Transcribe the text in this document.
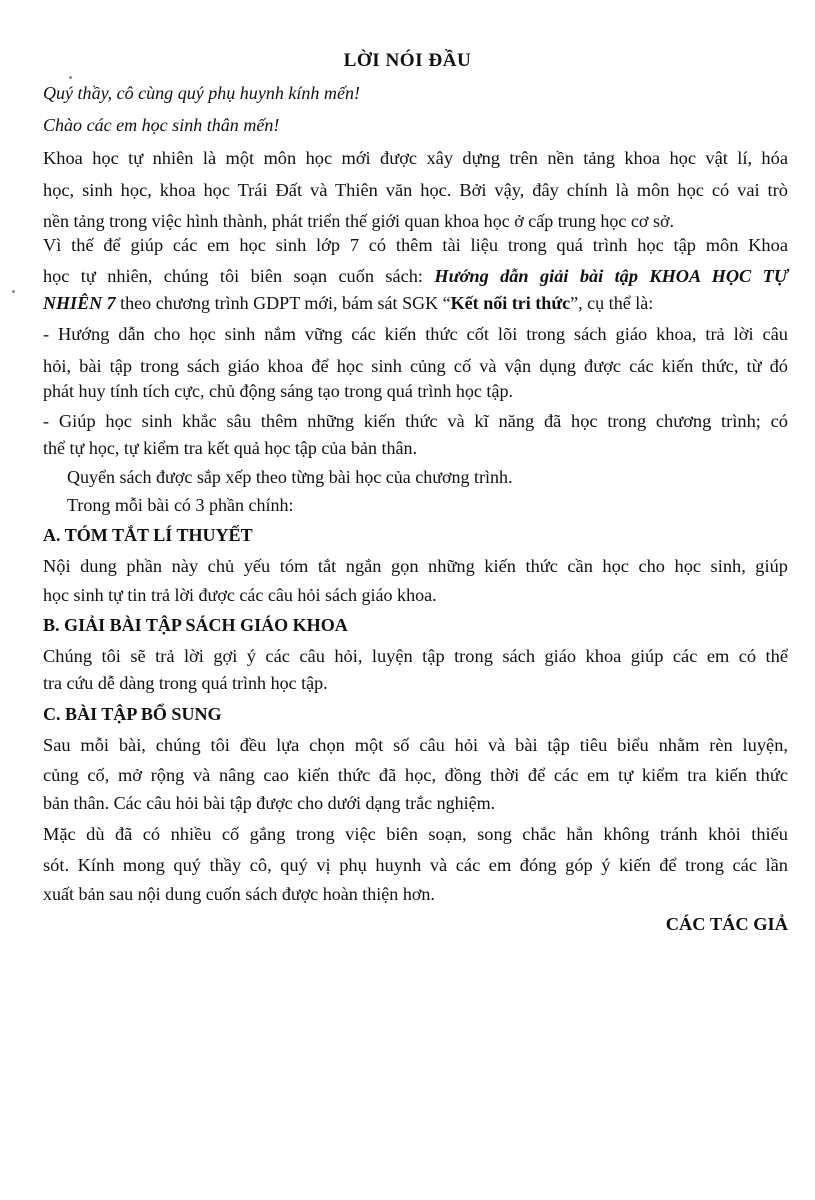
LỜI NÓI ĐẦU

Quý thầy, cô cùng quý phụ huynh kính mến!

Chào các em học sinh thân mến!

Khoa học tự nhiên là một môn học mới được xây dựng trên nền tảng khoa học vật lí, hóa

học, sinh học, khoa học Trái Đất và Thiên văn học. Bởi vậy, đây chính là môn học có vai trò

nền tảng trong việc hình thành, phát triển thế giới quan khoa học ở cấp trung học cơ sở.

Vì thế để giúp các em học sinh lớp 7 có thêm tài liệu trong quá trình học tập môn Khoa

học tự nhiên, chúng tôi biên soạn cuốn sách: Hướng dẫn giải bài tập KHOA HỌC TỰ

NHIÊN 7 theo chương trình GDPT mới, bám sát SGK “Kết nối tri thức”, cụ thể là:

- Hướng dẫn cho học sinh nắm vững các kiến thức cốt lõi trong sách giáo khoa, trả lời câu

hỏi, bài tập trong sách giáo khoa để học sinh củng cố và vận dụng được các kiến thức, từ đó

phát huy tính tích cực, chủ động sáng tạo trong quá trình học tập.

- Giúp học sinh khắc sâu thêm những kiến thức và kĩ năng đã học trong chương trình; có

thể tự học, tự kiểm tra kết quả học tập của bản thân.

Quyển sách được sắp xếp theo từng bài học của chương trình.

Trong mỗi bài có 3 phần chính:

A. TÓM TẮT LÍ THUYẾT

Nội dung phần này chủ yếu tóm tắt ngắn gọn những kiến thức cần học cho học sinh, giúp

học sinh tự tin trả lời được các câu hỏi sách giáo khoa.

B. GIẢI BÀI TẬP SÁCH GIÁO KHOA

Chúng tôi sẽ trả lời gợi ý các câu hỏi, luyện tập trong sách giáo khoa giúp các em có thể

tra cứu dễ dàng trong quá trình học tập.

C. BÀI TẬP BỔ SUNG

Sau mỗi bài, chúng tôi đều lựa chọn một số câu hỏi và bài tập tiêu biểu nhằm rèn luyện,

củng cố, mở rộng và nâng cao kiến thức đã học, đồng thời để các em tự kiểm tra kiến thức

bản thân. Các câu hỏi bài tập được cho dưới dạng trắc nghiệm.

Mặc dù đã có nhiều cố gắng trong việc biên soạn, song chắc hẳn không tránh khỏi thiếu

sót. Kính mong quý thầy cô, quý vị phụ huynh và các em đóng góp ý kiến để trong các lần

xuất bản sau nội dung cuốn sách được hoàn thiện hơn.

CÁC TÁC GIẢ
